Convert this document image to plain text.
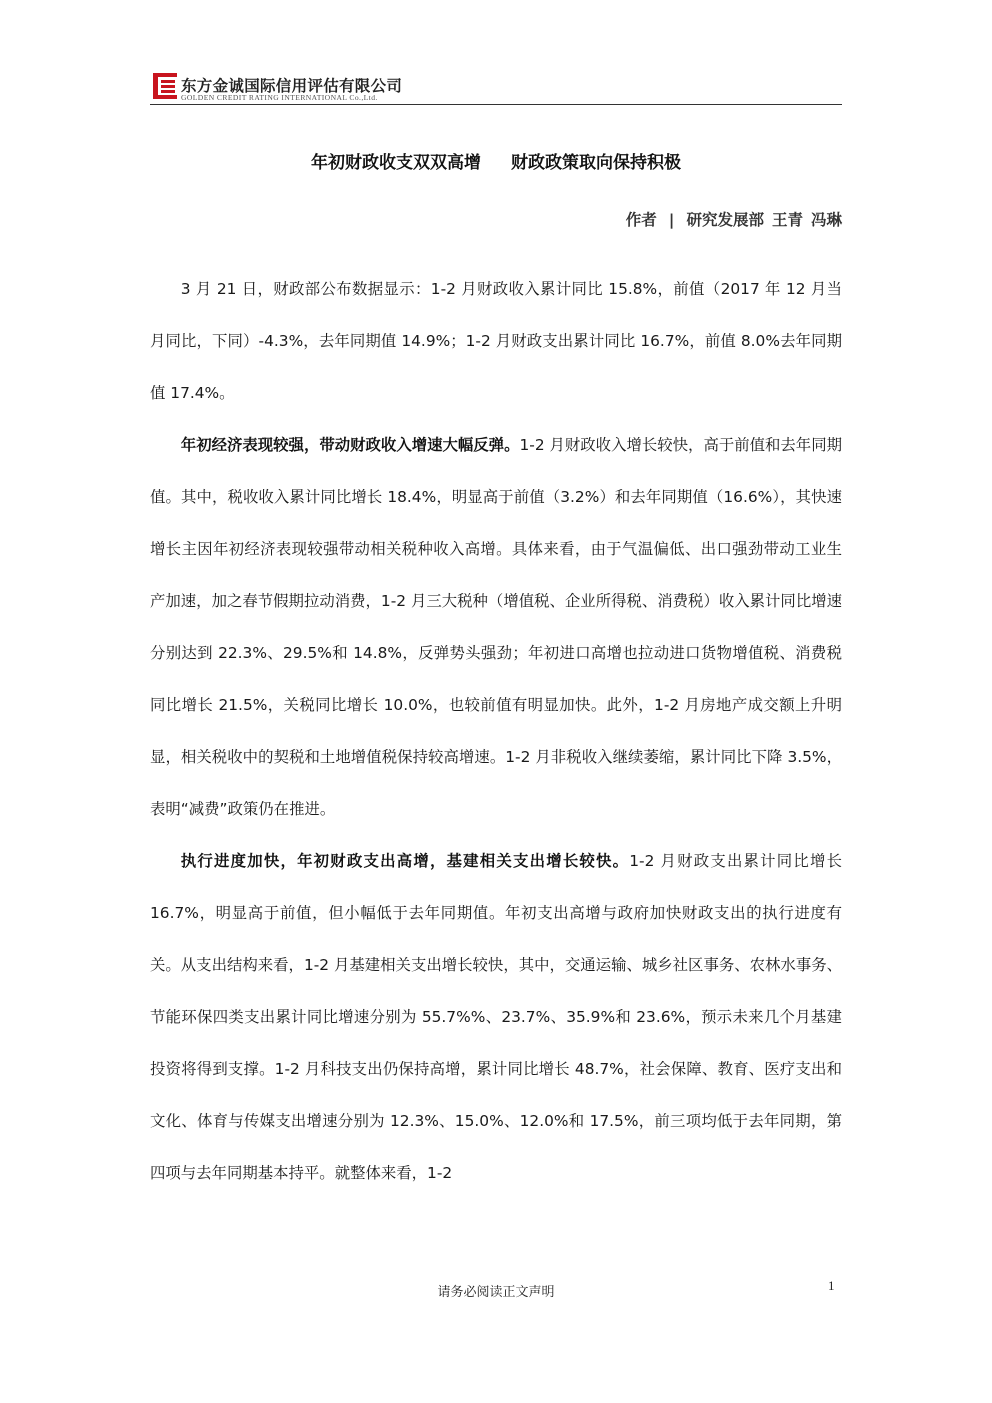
东方金诚国际信用评估有限公司
GOLDEN CREDIT RATING INTERNATIONAL Co.,Ltd.
年初财政收支双双高增 财政政策取向保持积极
作者 | 研究发展部 王青 冯琳

3 月 21 日，财政部公布数据显示：1-2 月财政收入累计同比 15.8%，前值（2017 年 12 月当月同比，下同）-4.3%，去年同期值 14.9%；1-2 月财政支出累计同比 16.7%，前值 8.0%去年同期值 17.4%。

年初经济表现较强，带动财政收入增速大幅反弹。1-2 月财政收入增长较快，高于前值和去年同期值。其中，税收收入累计同比增长 18.4%，明显高于前值（3.2%）和去年同期值（16.6%），其快速增长主因年初经济表现较强带动相关税种收入高增。具体来看，由于气温偏低、出口强劲带动工业生产加速，加之春节假期拉动消费，1-2 月三大税种（增值税、企业所得税、消费税）收入累计同比增速分别达到 22.3%、29.5%和 14.8%，反弹势头强劲；年初进口高增也拉动进口货物增值税、消费税同比增长 21.5%，关税同比增长 10.0%，也较前值有明显加快。此外，1-2 月房地产成交额上升明显，相关税收中的契税和土地增值税保持较高增速。1-2 月非税收入继续萎缩，累计同比下降 3.5%，表明“减费”政策仍在推进。

执行进度加快，年初财政支出高增，基建相关支出增长较快。1-2 月财政支出累计同比增长 16.7%，明显高于前值，但小幅低于去年同期值。年初支出高增与政府加快财政支出的执行进度有关。从支出结构来看，1-2 月基建相关支出增长较快，其中，交通运输、城乡社区事务、农林水事务、节能环保四类支出累计同比增速分别为 55.7%%、23.7%、35.9%和 23.6%，预示未来几个月基建投资将得到支撑。1-2 月科技支出仍保持高增，累计同比增长 48.7%，社会保障、教育、医疗支出和文化、体育与传媒支出增速分别为 12.3%、15.0%、12.0%和 17.5%，前三项均低于去年同期，第四项与去年同期基本持平。就整体来看，1-2

请务必阅读正文声明	1
